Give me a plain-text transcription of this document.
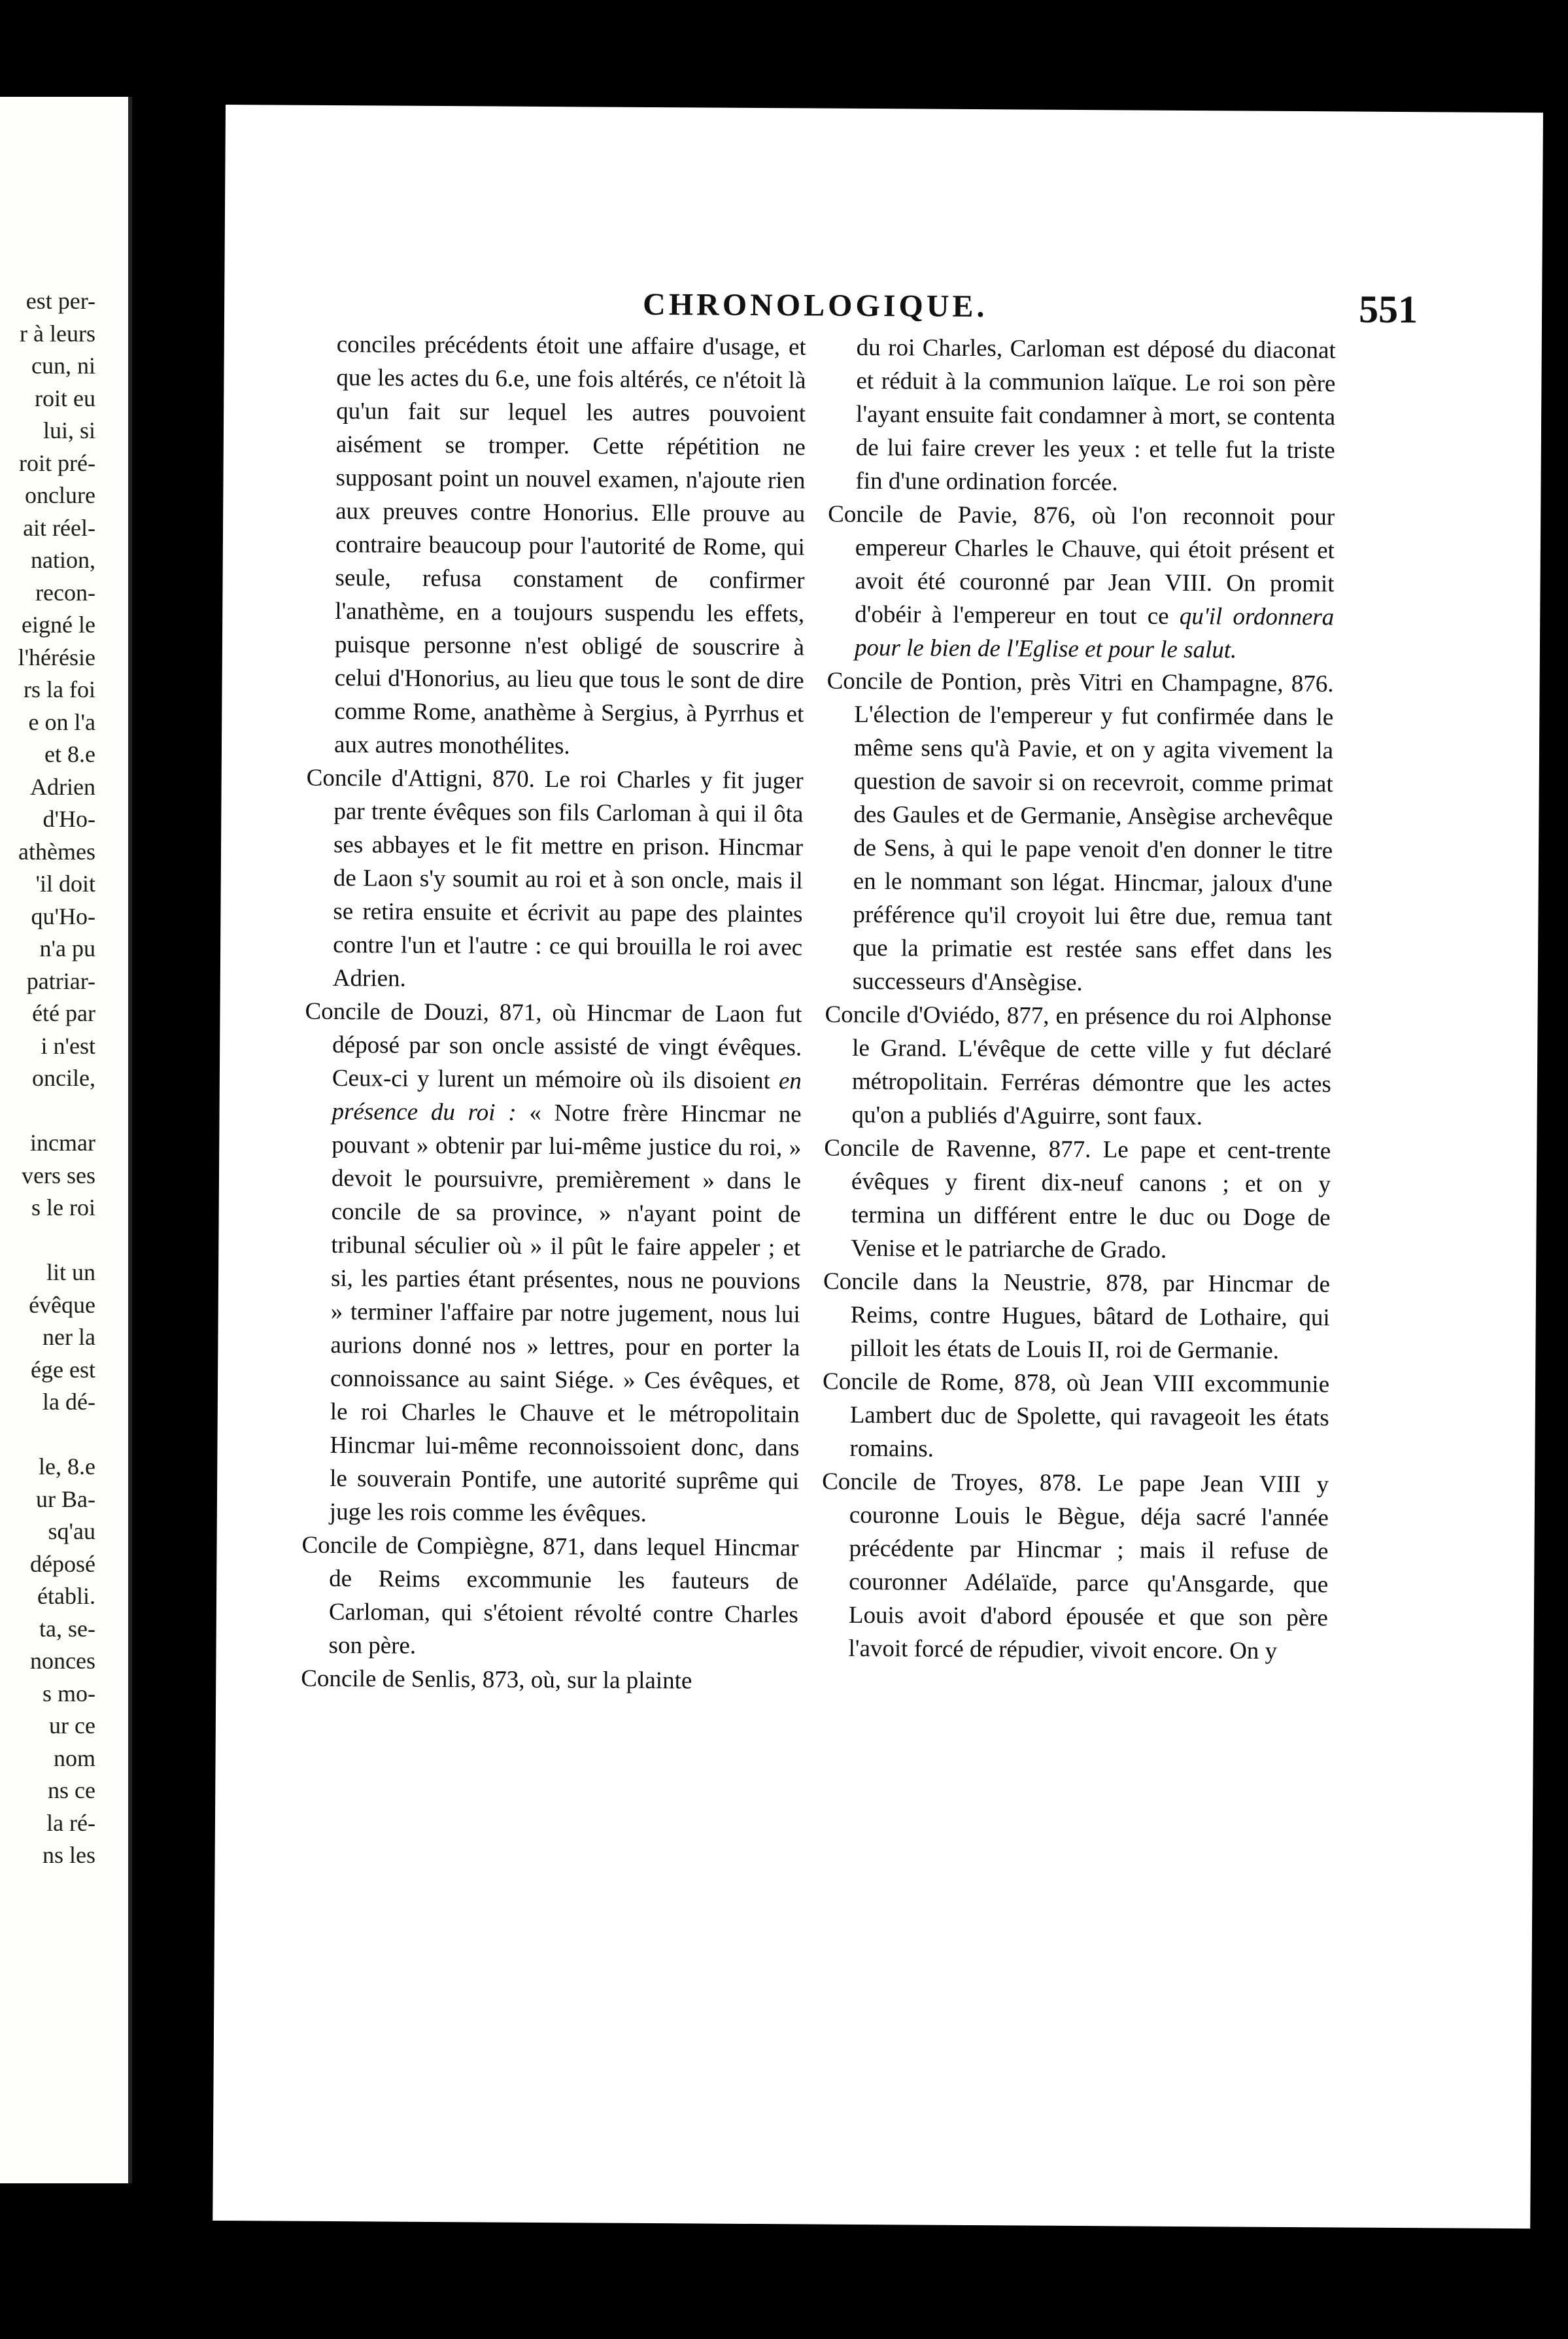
est per-
r à leurs
cun, ni
roit eu
lui, si
roit pré-
onclure
ait réel-
nation,
recon-
eigné le
l'hérésie
rs la foi
e on l'a
et 8.e
Adrien
d'Ho-
athèmes
'il doit
qu'Ho-
n'a pu
patriar-
été par
i n'est
oncile,
incmar
vers ses
s le roi
lit un
évêque
ner la
ége est
la dé-
le, 8.e
ur Ba-
sq'au
déposé
établi.
ta, se-
nonces
s mo-
ur ce
nom
ns ce
la ré-
ns les
CHRONOLOGIQUE.	551

conciles précédents étoit une affaire d'usage, et que les actes du 6.e, une fois altérés, ce n'étoit là qu'un fait sur lequel les autres pouvoient aisément se tromper. Cette répétition ne supposant point un nouvel examen, n'ajoute rien aux preuves contre Honorius. Elle prouve au contraire beaucoup pour l'autorité de Rome, qui seule, refusa constament de confirmer l'anathème, en a toujours suspendu les effets, puisque personne n'est obligé de souscrire à celui d'Honorius, au lieu que tous le sont de dire comme Rome, anathème à Sergius, à Pyrrhus et aux autres monothélites.

Concile d'Attigni, 870. Le roi Charles y fit juger par trente évêques son fils Carloman à qui il ôta ses abbayes et le fit mettre en prison. Hincmar de Laon s'y soumit au roi et à son oncle, mais il se retira ensuite et écrivit au pape des plaintes contre l'un et l'autre : ce qui brouilla le roi avec Adrien.

Concile de Douzi, 871, où Hincmar de Laon fut déposé par son oncle assisté de vingt évêques. Ceux-ci y lurent un mémoire où ils disoient en présence du roi : « Notre frère Hincmar ne pouvant » obtenir par lui-même justice du roi, » devoit le poursuivre, premièrement » dans le concile de sa province, » n'ayant point de tribunal séculier où » il pût le faire appeler ; et si, les parties étant présentes, nous ne pouvions » terminer l'affaire par notre jugement, nous lui aurions donné nos » lettres, pour en porter la connoissance au saint Siége. » Ces évêques, et le roi Charles le Chauve et le métropolitain Hincmar lui-même reconnoissoient donc, dans le souverain Pontife, une autorité suprême qui juge les rois comme les évêques.

Concile de Compiègne, 871, dans lequel Hincmar de Reims excommunie les fauteurs de Carloman, qui s'étoient révolté contre Charles son père.

Concile de Senlis, 873, où, sur la plainte

du roi Charles, Carloman est déposé du diaconat et réduit à la communion laïque. Le roi son père l'ayant ensuite fait condamner à mort, se contenta de lui faire crever les yeux : et telle fut la triste fin d'une ordination forcée.

Concile de Pavie, 876, où l'on reconnoit pour empereur Charles le Chauve, qui étoit présent et avoit été couronné par Jean VIII. On promit d'obéir à l'empereur en tout ce qu'il ordonnera pour le bien de l'Eglise et pour le salut.

Concile de Pontion, près Vitri en Champagne, 876. L'élection de l'empereur y fut confirmée dans le même sens qu'à Pavie, et on y agita vivement la question de savoir si on recevroit, comme primat des Gaules et de Germanie, Ansègise archevêque de Sens, à qui le pape venoit d'en donner le titre en le nommant son légat. Hincmar, jaloux d'une préférence qu'il croyoit lui être due, remua tant que la primatie est restée sans effet dans les successeurs d'Ansègise.

Concile d'Oviédo, 877, en présence du roi Alphonse le Grand. L'évêque de cette ville y fut déclaré métropolitain. Ferréras démontre que les actes qu'on a publiés d'Aguirre, sont faux.

Concile de Ravenne, 877. Le pape et cent-trente évêques y firent dix-neuf canons ; et on y termina un différent entre le duc ou Doge de Venise et le patriarche de Grado.

Concile dans la Neustrie, 878, par Hincmar de Reims, contre Hugues, bâtard de Lothaire, qui pilloit les états de Louis II, roi de Germanie.

Concile de Rome, 878, où Jean VIII excommunie Lambert duc de Spolette, qui ravageoit les états romains.

Concile de Troyes, 878. Le pape Jean VIII y couronne Louis le Bègue, déja sacré l'année précédente par Hincmar ; mais il refuse de couronner Adélaïde, parce qu'Ansgarde, que Louis avoit d'abord épousée et que son père l'avoit forcé de répudier, vivoit encore. On y
